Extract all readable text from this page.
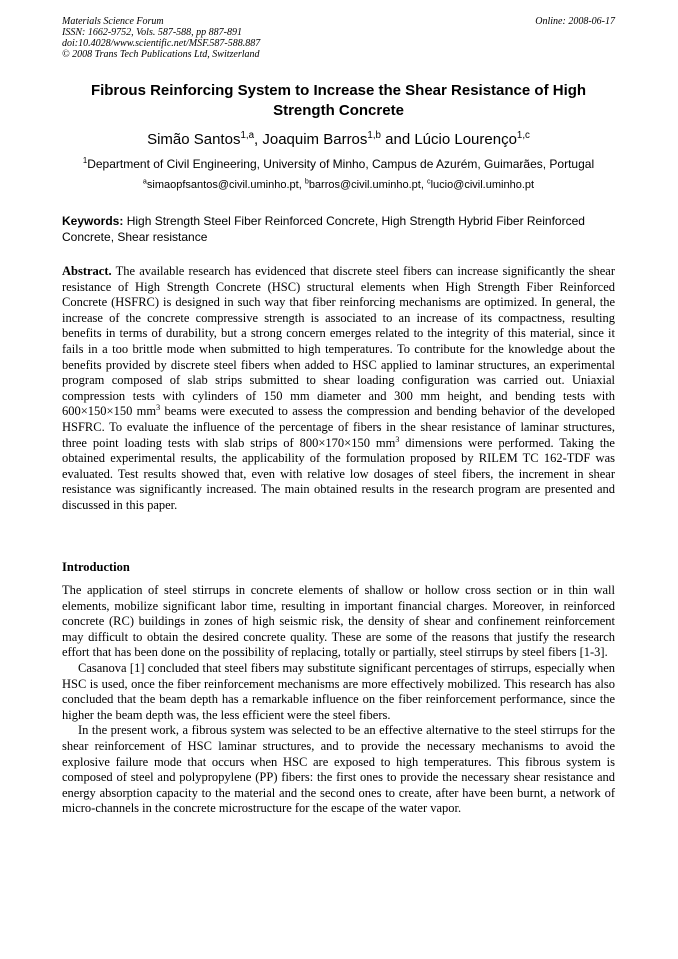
Materials Science Forum
ISSN: 1662-9752, Vols. 587-588, pp 887-891
doi:10.4028/www.scientific.net/MSF.587-588.887
© 2008 Trans Tech Publications Ltd, Switzerland
Online: 2008-06-17
Fibrous Reinforcing System to Increase the Shear Resistance of High Strength Concrete
Simão Santos$^{1,a}$, Joaquim Barros$^{1,b}$ and Lúcio Lourenço$^{1,c}$
$^1$Department of Civil Engineering, University of Minho, Campus de Azurém, Guimarães, Portugal
$^a$simaopfsantos@civil.uminho.pt, $^b$barros@civil.uminho.pt, $^c$lucio@civil.uminho.pt
Keywords: High Strength Steel Fiber Reinforced Concrete, High Strength Hybrid Fiber Reinforced Concrete, Shear resistance
Abstract. The available research has evidenced that discrete steel fibers can increase significantly the shear resistance of High Strength Concrete (HSC) structural elements when High Strength Fiber Reinforced Concrete (HSFRC) is designed in such way that fiber reinforcing mechanisms are optimized. In general, the increase of the concrete compressive strength is associated to an increase of its compactness, resulting benefits in terms of durability, but a strong concern emerges related to the integrity of this material, since it fails in a too brittle mode when submitted to high temperatures. To contribute for the knowledge about the benefits provided by discrete steel fibers when added to HSC applied to laminar structures, an experimental program composed of slab strips submitted to shear loading configuration was carried out. Uniaxial compression tests with cylinders of 150 mm diameter and 300 mm height, and bending tests with 600×150×150 $mm^3$ beams were executed to assess the compression and bending behavior of the developed HSFRC. To evaluate the influence of the percentage of fibers in the shear resistance of laminar structures, three point loading tests with slab strips of 800×170×150 $mm^3$ dimensions were performed. Taking the obtained experimental results, the applicability of the formulation proposed by RILEM TC 162-TDF was evaluated. Test results showed that, even with relative low dosages of steel fibers, the increment in shear resistance was significantly increased. The main obtained results in the research program are presented and discussed in this paper.
Introduction

The application of steel stirrups in concrete elements of shallow or hollow cross section or in thin wall elements, mobilize significant labor time, resulting in important financial charges. Moreover, in reinforced concrete (RC) buildings in zones of high seismic risk, the density of shear and confinement reinforcement may difficult to obtain the desired concrete quality. These are some of the reasons that justify the research effort that has been done on the possibility of replacing, totally or partially, steel stirrups by steel fibers [1-3].

Casanova [1] concluded that steel fibers may substitute significant percentages of stirrups, especially when HSC is used, once the fiber reinforcement mechanisms are more effectively mobilized. This research has also concluded that the beam depth has a remarkable influence on the fiber reinforcement performance, since the higher the beam depth was, the less efficient were the steel fibers.

In the present work, a fibrous system was selected to be an effective alternative to the steel stirrups for the shear reinforcement of HSC laminar structures, and to provide the necessary mechanisms to avoid the explosive failure mode that occurs when HSC are exposed to high temperatures. This fibrous system is composed of steel and polypropylene (PP) fibers: the first ones to provide the necessary shear resistance and energy absorption capacity to the material and the second ones to create, after have been burnt, a network of micro-channels in the concrete microstructure for the escape of the water vapor.
